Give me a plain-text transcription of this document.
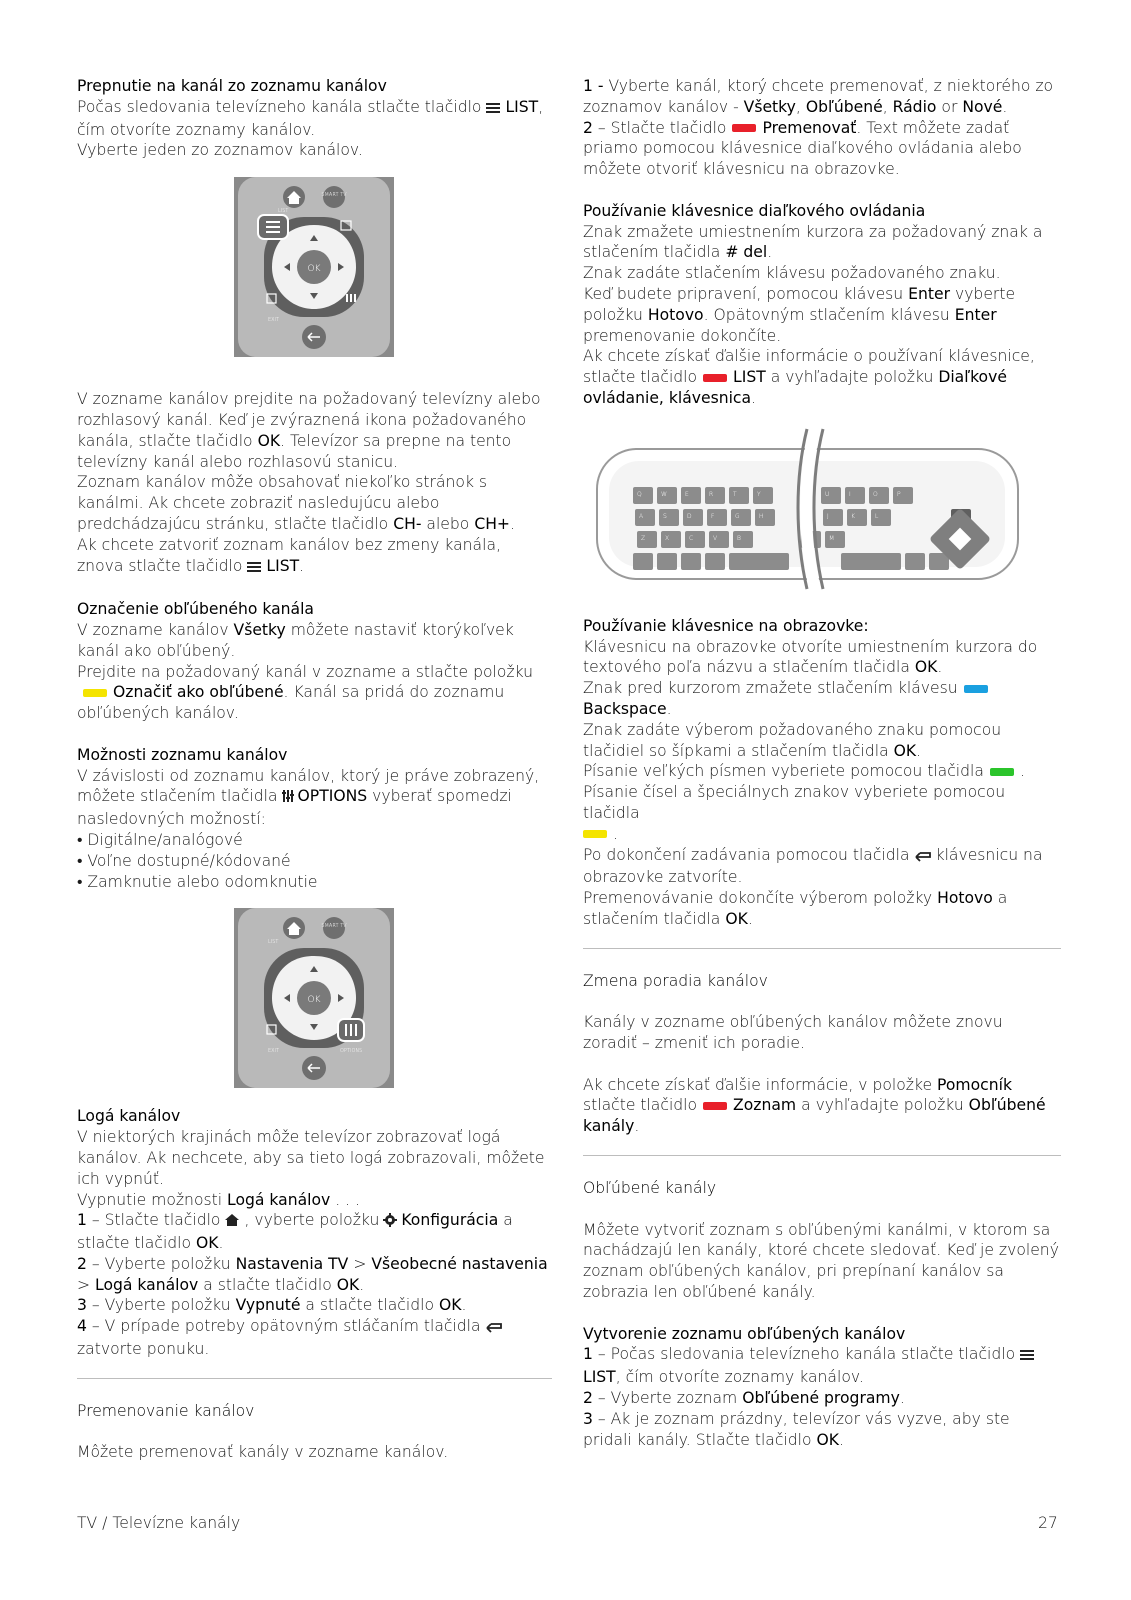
Prepnutie na kanál zo zoznamu kanálov

Počas sledovania televízneho kanála stlačte tlačidlo LIST,

čím otvoríte zoznamy kanálov.

Vyberte jeden zo zoznamov kanálov.

SMART TV
LIST
OK
EXIT

V zozname kanálov prejdite na požadovaný televízny alebo rozhlasový kanál. Keď je zvýraznená ikona požadovaného kanála, stlačte tlačidlo OK. Televízor sa prepne na tento televízny kanál alebo rozhlasovú stanicu.

Zoznam kanálov môže obsahovať niekoľko stránok s kanálmi. Ak chcete zobraziť nasledujúcu alebo predchádzajúcu stránku, stlačte tlačidlo CH- alebo CH+.

Ak chcete zatvoriť zoznam kanálov bez zmeny kanála, znova stlačte tlačidlo LIST.

Označenie obľúbeného kanála

V zozname kanálov Všetky môžete nastaviť ktorýkoľvek kanál ako obľúbený.

Prejdite na požadovaný kanál v zozname a stlačte položkuOznačiť ako obľúbené. Kanál sa pridá do zoznamu obľúbených kanálov.

Možnosti zoznamu kanálov

V závislosti od zoznamu kanálov, ktorý je práve zobrazený, môžete stlačením tlačidla OPTIONS vyberať spomedzi nasledovných možností:

• Digitálne/analógové

• Voľne dostupné/kódované

• Zamknutie alebo odomknutie

SMART TV
LIST
OK
EXIT	OPTIONS

Logá kanálov

V niektorých krajinách môže televízor zobrazovať logá kanálov. Ak nechcete, aby sa tieto logá zobrazovali, môžete ich vypnúť.

Vypnutie možnosti Logá kanálov . . .

1 – Stlačte tlačidlo , vyberte položku Konfigurácia a stlačte tlačidlo OK.

2 – Vyberte položku Nastavenia TV > Všeobecné nastavenia > Logá kanálov a stlačte tlačidlo OK.

3 – Vyberte položku Vypnuté a stlačte tlačidlo OK.

4 – V prípade potreby opätovným stláčaním tlačidlazatvorte ponuku.

Premenovanie kanálov

Môžete premenovať kanály v zozname kanálov.

1 - Vyberte kanál, ktorý chcete premenovať, z niektorého zo zoznamov kanálov - Všetky, Obľúbené, Rádio or Nové.

2 – Stlačte tlačidlo Premenovať. Text môžete zadať priamo pomocou klávesnice diaľkového ovládania alebo môžete otvoriť klávesnicu na obrazovke.

Používanie klávesnice diaľkového ovládania

Znak zmažete umiestnením kurzora za požadovaný znak a stlačením tlačidla # del.

Znak zadáte stlačením klávesu požadovaného znaku.

Keď budete pripravení, pomocou klávesu Enter vyberte položku Hotovo. Opätovným stlačením klávesu Enter premenovanie dokončíte.

Ak chcete získať ďalšie informácie o používaní klávesnice, stlačte tlačidlo LIST a vyhľadajte položku Diaľkové ovládanie, klávesnica.

Q	W	E	R	T	Y	U	I	O	P
A	S	D	F	G	H	J	K	L
Z	X	C	V	B	M

Používanie klávesnice na obrazovke:

Klávesnicu na obrazovke otvoríte umiestnením kurzora do textového poľa názvu a stlačením tlačidla OK.

Znak pred kurzorom zmažete stlačením klávesu
Backspace.

Znak zadáte výberom požadovaného znaku pomocou tlačidiel so šípkami a stlačením tlačidla OK.

Písanie veľkých písmen vyberiete pomocou tlačidla .

Písanie čísel a špeciálnych znakov vyberiete pomocou tlačidla
.

Po dokončení zadávania pomocou tlačidla klávesnicu na obrazovke zatvoríte.

Premenovávanie dokončíte výberom položky Hotovo a stlačením tlačidla OK.

Zmena poradia kanálov

Kanály v zozname obľúbených kanálov môžete znovu zoradiť – zmeniť ich poradie.

Ak chcete získať ďalšie informácie, v položke Pomocník stlačte tlačidlo Zoznam a vyhľadajte položku Obľúbené kanály.

Obľúbené kanály

Môžete vytvoriť zoznam s obľúbenými kanálmi, v ktorom sa nachádzajú len kanály, ktoré chcete sledovať. Keď je zvolený zoznam obľúbených kanálov, pri prepínaní kanálov sa zobrazia len obľúbené kanály.

Vytvorenie zoznamu obľúbených kanálov

1 – Počas sledovania televízneho kanála stlačte tlačidloLIST, čím otvoríte zoznamy kanálov.

2 – Vyberte zoznam Obľúbené programy.

3 – Ak je zoznam prázdny, televízor vás vyzve, aby ste pridali kanály. Stlačte tlačidlo OK.

TV / Televízne kanály	27
